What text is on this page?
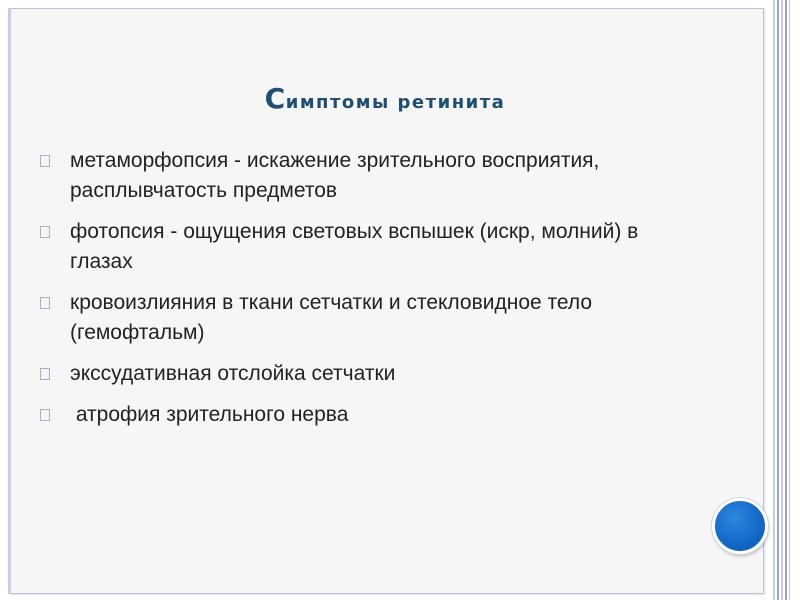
Симптомы ретинита
метаморфопсия - искажение зрительного восприятия, расплывчатость предметов
фотопсия - ощущения световых вспышек (искр, молний) в глазах
кровоизлияния в ткани сетчатки и стекловидное тело (гемофтальм)
экссудативная отслойка сетчатки
атрофия зрительного нерва
